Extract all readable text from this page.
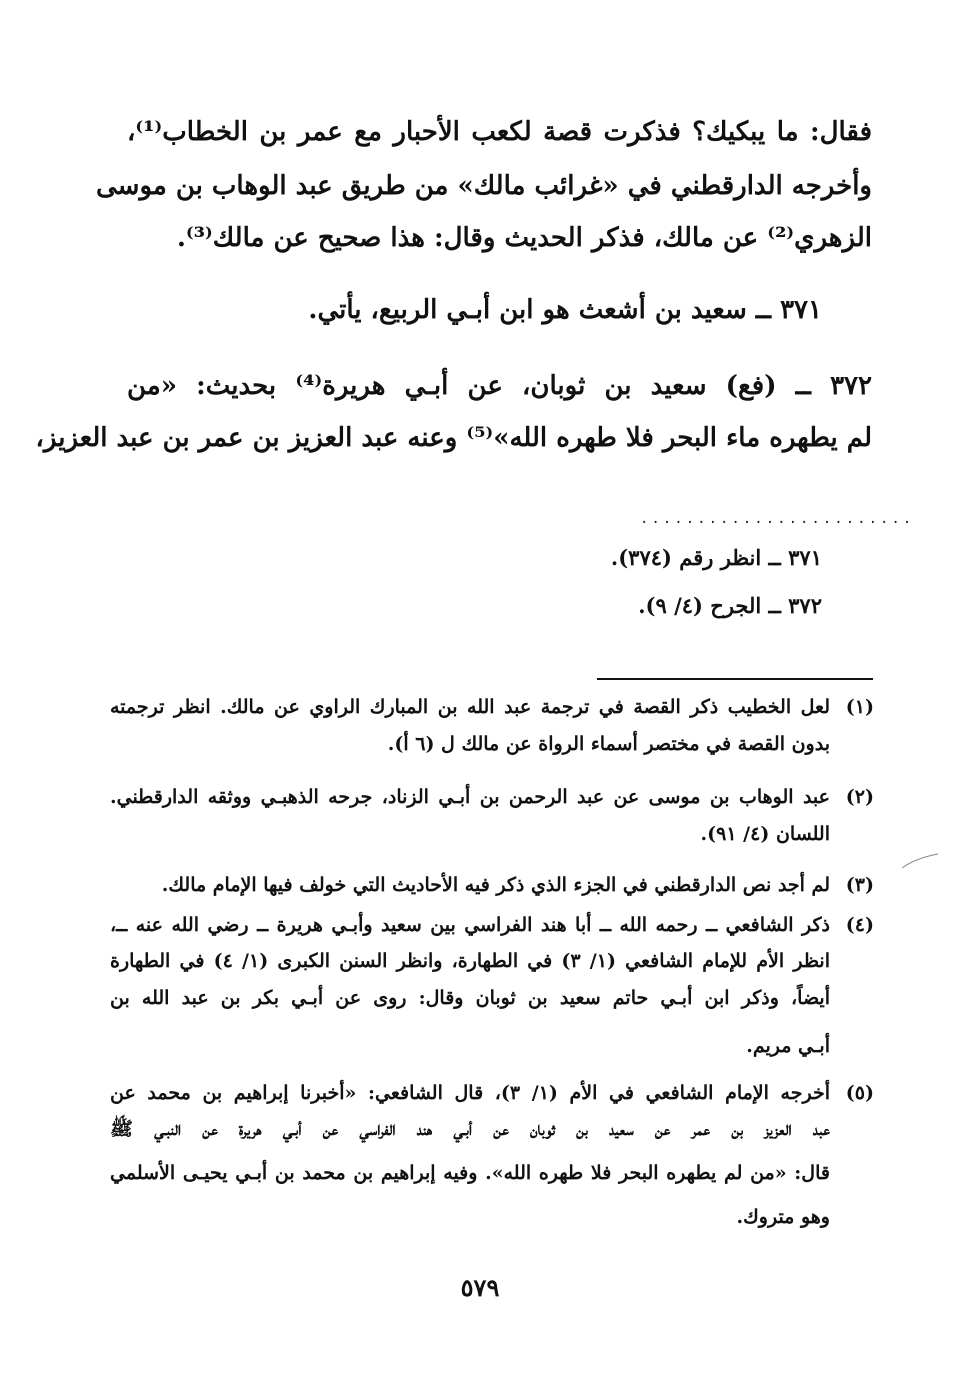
فقال: ما يبكيك؟ فذكرت قصة لكعب الأحبار مع عمر بن الخطاب⁽¹⁾،
وأخرجه الدارقطني في «غرائب مالك» من طريق عبد الوهاب بن موسى
الزهري⁽²⁾ عن مالك، فذكر الحديث وقال: هذا صحيح عن مالك⁽³⁾.
٣٧١ ــ سعيد بن أشعث هو ابن أبـي الربيع، يأتي.
٣٧٢ ــ (فع) سعيد بن ثوبان، عن أبـي هريرة⁽⁴⁾ بحديث: «من
لم يطهره ماء البحر فلا طهره الله»⁽⁵⁾ وعنه عبد العزيز بن عمر بن عبد العزيز،
........................
٣٧١ ــ انظر رقم (٣٧٤).
٣٧٢ ــ الجرح (٤/ ٩).
(١)
لعل الخطيب ذكر القصة في ترجمة عبد الله بن المبارك الراوي عن مالك. انظر ترجمته
بدون القصة في مختصر أسماء الرواة عن مالك ل (٦ أ).
(٢)
عبد الوهاب بن موسى عن عبد الرحمن بن أبـي الزناد، جرحه الذهبـي ووثقه الدارقطني.
اللسان (٤/ ٩١).
(٣)
لم أجد نص الدارقطني في الجزء الذي ذكر فيه الأحاديث التي خولف فيها الإمام مالك.
(٤)
ذكر الشافعي ــ رحمه الله ــ أبا هند الفراسي بين سعيد وأبـي هريرة ــ رضي الله عنه ــ،
انظر الأم للإمام الشافعي (١/ ٣) في الطهارة، وانظر السنن الكبرى (١/ ٤) في الطهارة
أيضاً، وذكر ابن أبـي حاتم سعيد بن ثوبان وقال: روى عن أبـي بكر بن عبد الله بن
أبـي مريم.
(٥)
أخرجه الإمام الشافعي في الأم (١/ ٣)، قال الشافعي: «أخبرنا إبراهيم بن محمد عن
عبد العزيز بن عمر عن سعيد بن ثوبان عن أبـي هند الفراسي عن أبـي هريرة عن النبـي ﷺ
قال: «من لم يطهره البحر فلا طهره الله». وفيه إبراهيم بن محمد بن أبـي يحيـى الأسلمي
وهو متروك.
٥٧٩
